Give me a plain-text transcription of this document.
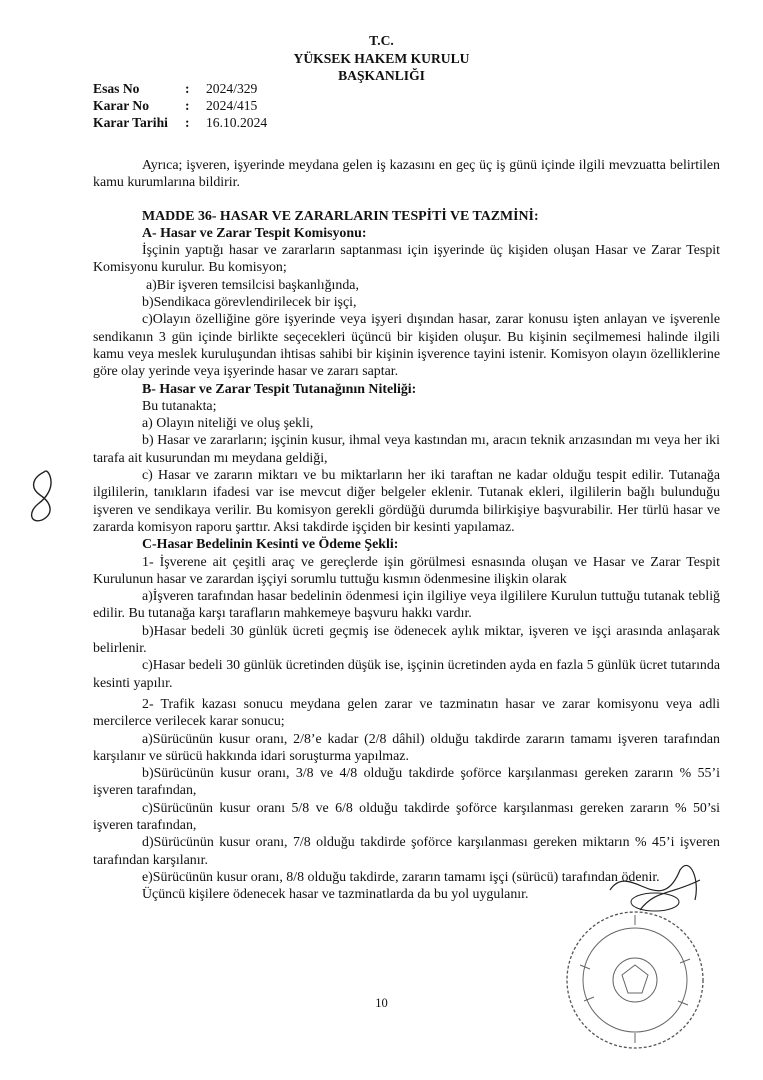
T.C.
YÜKSEK HAKEM KURULU
BAŞKANLIĞI
Esas No	:	2024/329
Karar No	:	2024/415
Karar Tarihi	:	16.10.2024

Ayrıca; işveren, işyerinde meydana gelen iş kazasını en geç üç iş günü içinde ilgili mevzuatta belirtilen kamu kurumlarına bildirir.

MADDE 36- HASAR VE ZARARLARIN TESPİTİ VE TAZMİNİ:

A- Hasar ve Zarar Tespit Komisyonu:

İşçinin yaptığı hasar ve zararların saptanması için işyerinde üç kişiden oluşan Hasar ve Zarar Tespit Komisyonu kurulur. Bu komisyon;

a)Bir işveren temsilcisi başkanlığında,

b)Sendikaca görevlendirilecek bir işçi,

c)Olayın özelliğine göre işyerinde veya işyeri dışından hasar, zarar konusu işten anlayan ve işverenle sendikanın 3 gün içinde birlikte seçecekleri üçüncü bir kişiden oluşur. Bu kişinin seçilmemesi halinde ilgili kamu veya meslek kuruluşundan ihtisas sahibi bir kişinin işverence tayini istenir. Komisyon olayın özelliklerine göre olay yerinde veya işyerinde hasar ve zararı saptar.

B- Hasar ve Zarar Tespit Tutanağının Niteliği:

Bu tutanakta;

a) Olayın niteliği ve oluş şekli,

b) Hasar ve zararların; işçinin kusur, ihmal veya kastından mı, aracın teknik arızasından mı veya her iki tarafa ait kusurundan mı meydana geldiği,

c) Hasar ve zararın miktarı ve bu miktarların her iki taraftan ne kadar olduğu tespit edilir. Tutanağa ilgililerin, tanıkların ifadesi var ise mevcut diğer belgeler eklenir. Tutanak ekleri, ilgililerin bağlı bulunduğu işveren ve sendikaya verilir. Bu komisyon gerekli gördüğü durumda bilirkişiye başvurabilir. Her türlü hasar ve zararda komisyon raporu şarttır. Aksi takdirde işçiden bir kesinti yapılamaz.

C-Hasar Bedelinin Kesinti ve Ödeme Şekli:

1- İşverene ait çeşitli araç ve gereçlerde işin görülmesi esnasında oluşan ve Hasar ve Zarar Tespit Kurulunun hasar ve zarardan işçiyi sorumlu tuttuğu kısmın ödenmesine ilişkin olarak

a)İşveren tarafından hasar bedelinin ödenmesi için ilgiliye veya ilgililere Kurulun tuttuğu tutanak tebliğ edilir. Bu tutanağa karşı tarafların mahkemeye başvuru hakkı vardır.

b)Hasar bedeli 30 günlük ücreti geçmiş ise ödenecek aylık miktar, işveren ve işçi arasında anlaşarak belirlenir.

c)Hasar bedeli 30 günlük ücretinden düşük ise, işçinin ücretinden ayda en fazla 5 günlük ücret tutarında kesinti yapılır.

2- Trafik kazası sonucu meydana gelen zarar ve tazminatın hasar ve zarar komisyonu veya adli mercilerce verilecek karar sonucu;

a)Sürücünün kusur oranı, 2/8’e kadar (2/8 dâhil) olduğu takdirde zararın tamamı işveren tarafından karşılanır ve sürücü hakkında idari soruşturma yapılmaz.

b)Sürücünün kusur oranı, 3/8 ve 4/8 olduğu takdirde şoförce karşılanması gereken zararın % 55’i işveren tarafından,

c)Sürücünün kusur oranı 5/8 ve 6/8 olduğu takdirde şoförce karşılanması gereken zararın % 50’si işveren tarafından,

d)Sürücünün kusur oranı, 7/8 olduğu takdirde şoförce karşılanması gereken miktarın % 45’i işveren tarafından karşılanır.

e)Sürücünün kusur oranı, 8/8 olduğu takdirde, zararın tamamı işçi (sürücü) tarafından ödenir.

Üçüncü kişilere ödenecek hasar ve tazminatlarda da bu yol uygulanır.

10
